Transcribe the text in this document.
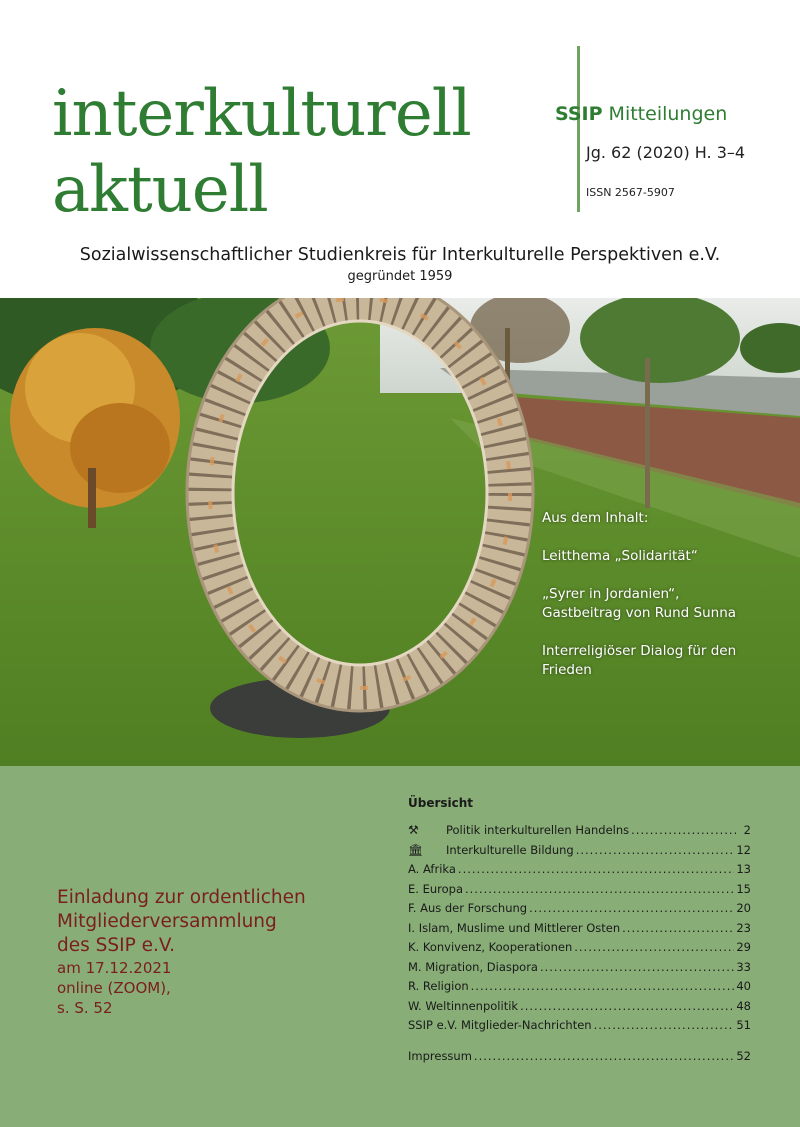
interkulturell
aktuell
SSIP Mitteilungen
Jg. 62 (2020) H. 3–4
ISSN 2567-5907
Sozialwissenschaftlicher Studienkreis für Interkulturelle Perspektiven e.V.
gegründet 1959
Aus dem Inhalt:
Leitthema „Solidarität“
„Syrer in Jordanien“,
Gastbeitrag von Rund Sunna
Interreligiöser Dialog für den
Frieden
Einladung zur ordentlichen
Mitgliederversammlung
des SSIP e.V.
am 17.12.2021
online (ZOOM),
s. S. 52
Übersicht
⚒	Politik interkulturellen Handelns .....	2
🏛	Interkulturelle Bildung .....	12
A. Afrika .....	13
E. Europa .....	15
F. Aus der Forschung .....	20
I. Islam, Muslime und Mittlerer Osten .....	23
K. Konvivenz, Kooperationen .....	29
M. Migration, Diaspora .....	33
R. Religion .....	40
W. Weltinnenpolitik .....	48
SSIP e.V. Mitglieder-Nachrichten .....	51
Impressum .....	52
